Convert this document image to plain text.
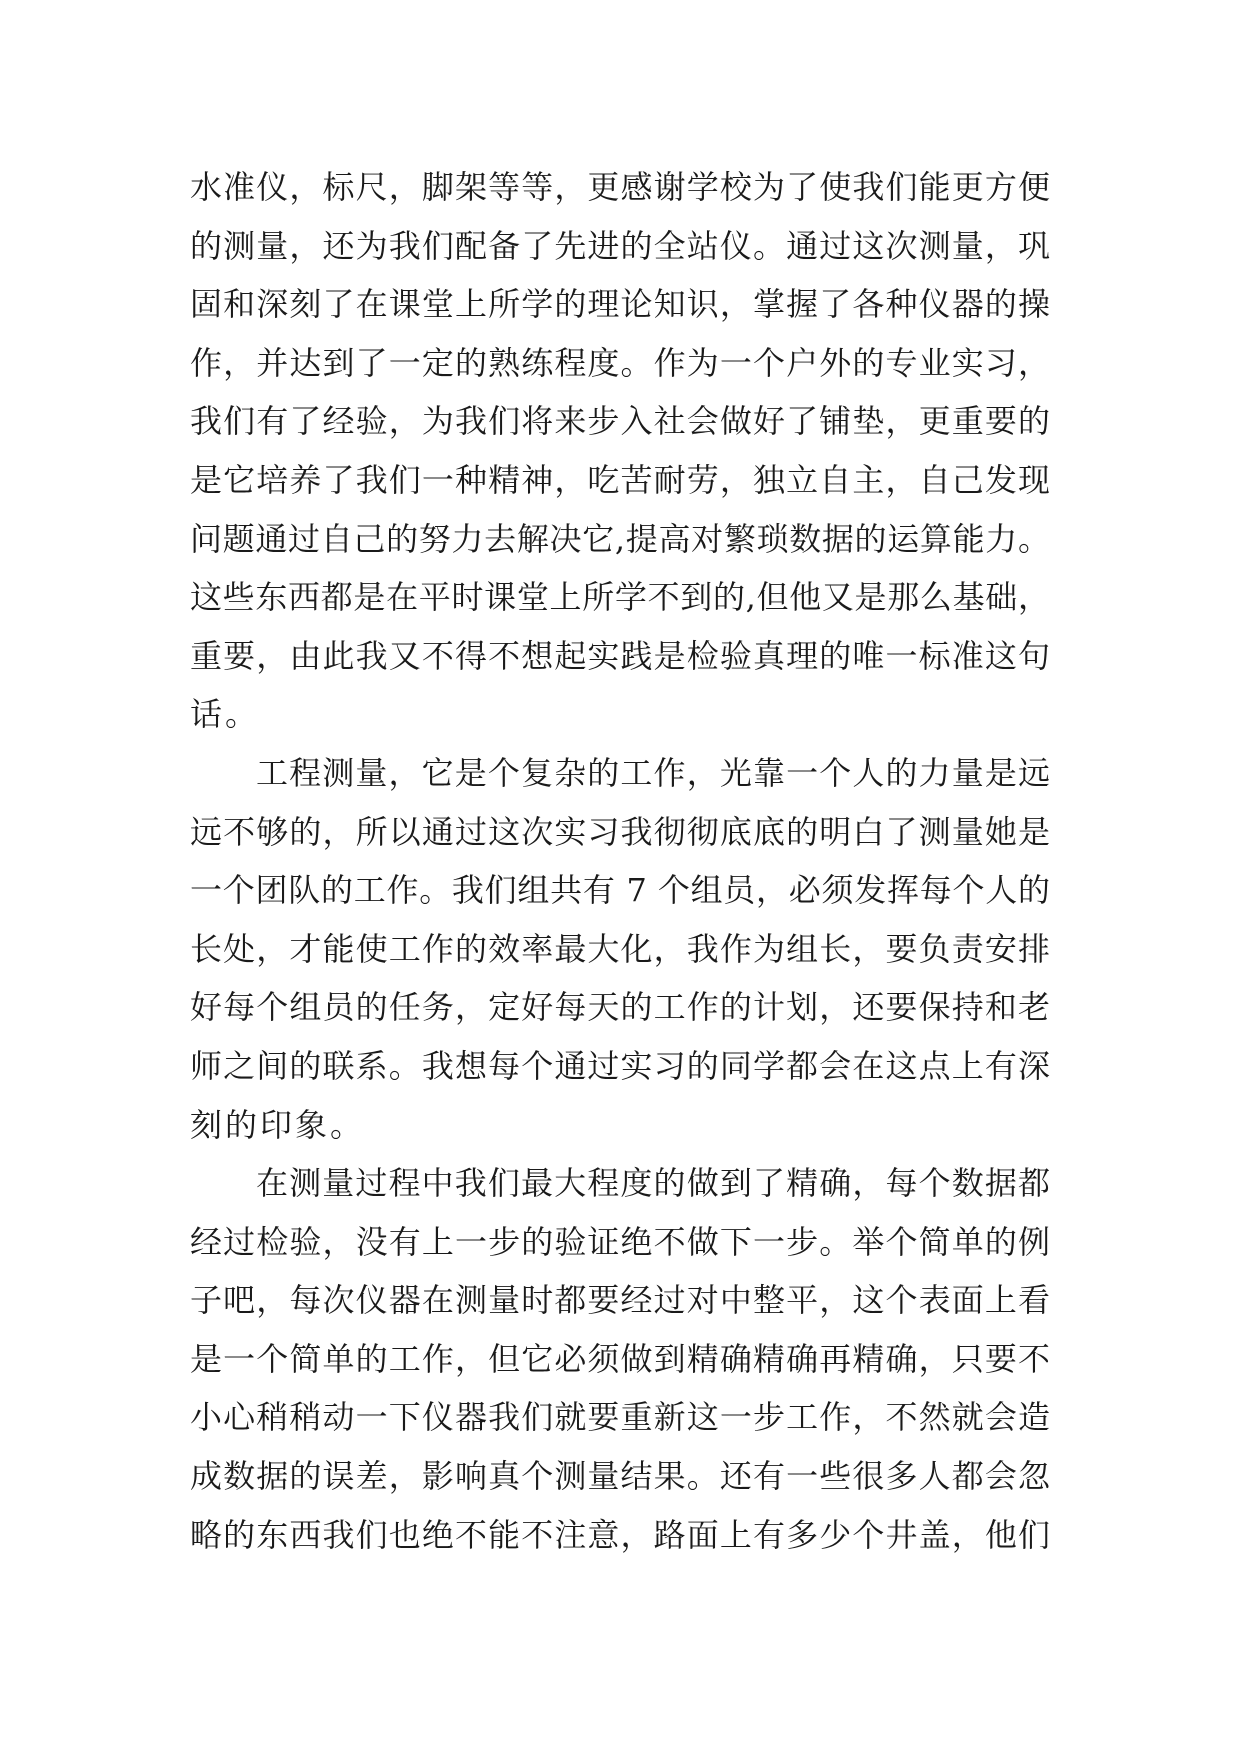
水准仪，标尺，脚架等等，更感谢学校为了使我们能更方便
的测量，还为我们配备了先进的全站仪。通过这次测量，巩
固和深刻了在课堂上所学的理论知识，掌握了各种仪器的操
作，并达到了一定的熟练程度。作为一个户外的专业实习，
我们有了经验，为我们将来步入社会做好了铺垫，更重要的
是它培养了我们一种精神，吃苦耐劳，独立自主，自己发现
问题通过自己的努力去解决它,提高对繁琐数据的运算能力。
这些东西都是在平时课堂上所学不到的,但他又是那么基础，
重要，由此我又不得不想起实践是检验真理的唯一标准这句
话。
工程测量，它是个复杂的工作，光靠一个人的力量是远
远不够的，所以通过这次实习我彻彻底底的明白了测量她是
一个团队的工作。我们组共有 7 个组员，必须发挥每个人的
长处，才能使工作的效率最大化，我作为组长，要负责安排
好每个组员的任务，定好每天的工作的计划，还要保持和老
师之间的联系。我想每个通过实习的同学都会在这点上有深
刻的印象。
在测量过程中我们最大程度的做到了精确，每个数据都
经过检验，没有上一步的验证绝不做下一步。举个简单的例
子吧，每次仪器在测量时都要经过对中整平，这个表面上看
是一个简单的工作，但它必须做到精确精确再精确，只要不
小心稍稍动一下仪器我们就要重新这一步工作，不然就会造
成数据的误差，影响真个测量结果。还有一些很多人都会忽
略的东西我们也绝不能不注意，路面上有多少个井盖，他们
